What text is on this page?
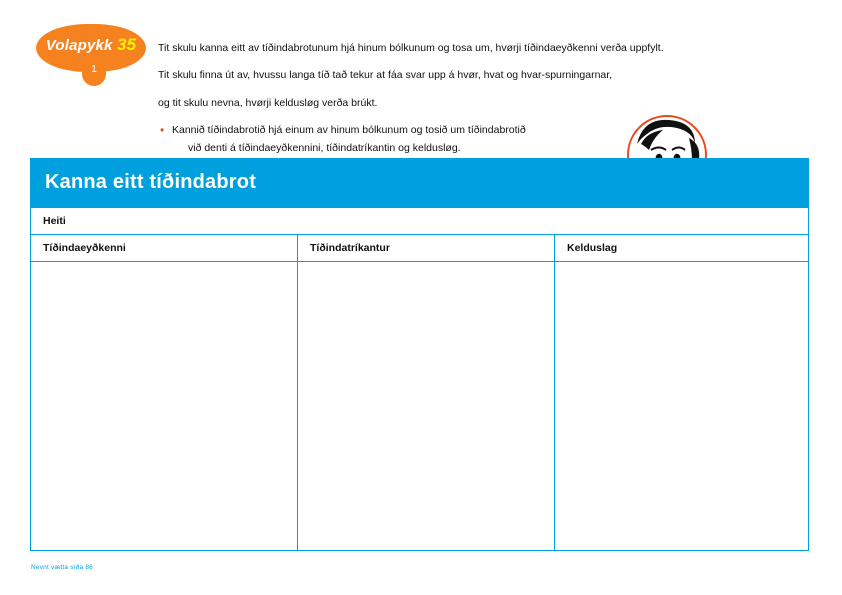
Volapykk 35
1

Tit skulu kanna eitt av tíðindabrotunum hjá hinum bólkunum og tosa um, hvørji tíðindaeyðkenni verða uppfylt.

Tit skulu finna út av, hvussu langa tíð tað tekur at fáa svar upp á hvør, hvat og hvar-spurningarnar,

og tit skulu nevna, hvørji keldusløg verða brúkt.

• Kannið tíðindabrotið hjá einum av hinum bólkunum og tosið um tíðindabrotið
við denti á tíðindaeyðkennini, tíðindatríkantin og keldusløg.
Kanna eitt tíðindabrot
Heiti
Tíðindaeyðkenni	Tíðindatríkantur	Kelduslag
Nevnt vætta síða 86
